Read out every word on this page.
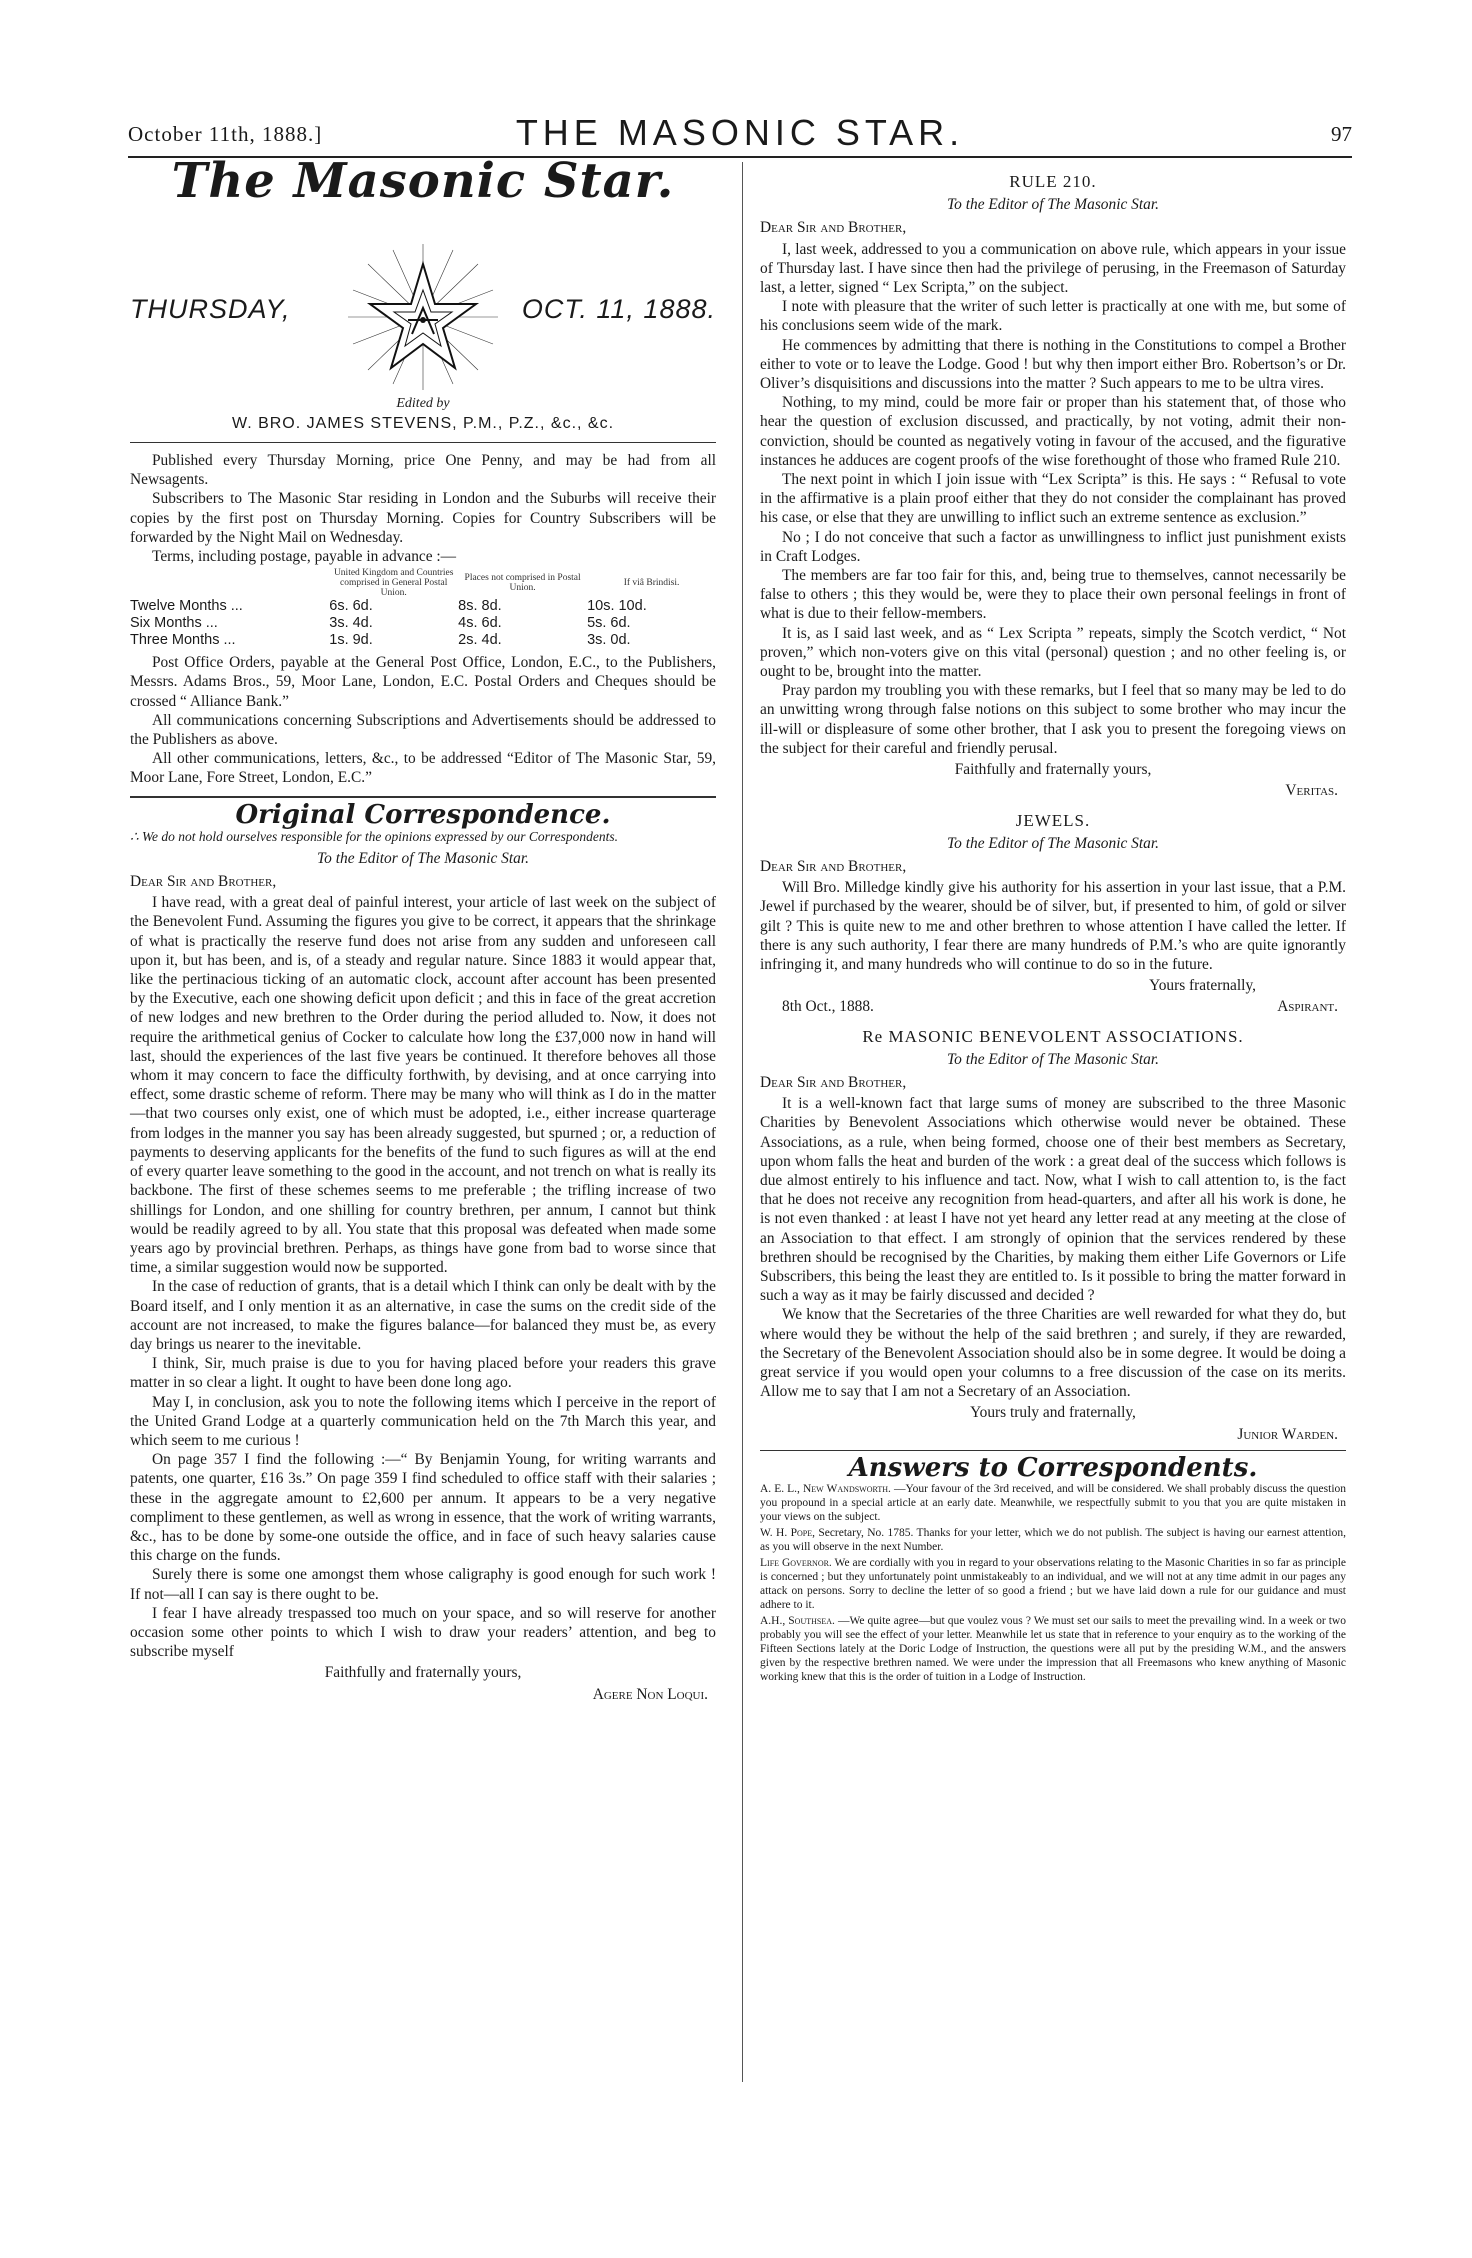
October 11th, 1888.]	THE MASONIC STAR.	97
The Masonic Star.
THURSDAY,	OCT. 11, 1888.
Edited by
W. BRO. JAMES STEVENS, P.M., P.Z., &c., &c.

Published every Thursday Morning, price One Penny, and may be had from all Newsagents.

Subscribers to The Masonic Star residing in London and the Suburbs will receive their copies by the first post on Thursday Morning. Copies for Country Subscribers will be forwarded by the Night Mail on Wednesday.

Terms, including postage, payable in advance :—

	United Kingdom and Countries comprised in General Postal Union.	Places not comprised in Postal Union.	If viâ Brindisi.
Twelve Months ...	6s. 6d.	8s. 8d.	10s. 10d.
Six Months ...	3s. 4d.	4s. 6d.	5s. 6d.
Three Months ...	1s. 9d.	2s. 4d.	3s. 0d.

Post Office Orders, payable at the General Post Office, London, E.C., to the Publishers, Messrs. Adams Bros., 59, Moor Lane, London, E.C. Postal Orders and Cheques should be crossed “ Alliance Bank.”

All communications concerning Subscriptions and Advertisements should be addressed to the Publishers as above.

All other communications, letters, &c., to be addressed “Editor of The Masonic Star, 59, Moor Lane, Fore Street, London, E.C.”

Original Correspondence.
∴ We do not hold ourselves responsible for the opinions expressed by our Correspondents.
To the Editor of The Masonic Star.
Dear Sir and Brother,

I have read, with a great deal of painful interest, your article of last week on the subject of the Benevolent Fund. Assuming the figures you give to be correct, it appears that the shrinkage of what is practically the reserve fund does not arise from any sudden and unforeseen call upon it, but has been, and is, of a steady and regular nature. Since 1883 it would appear that, like the pertinacious ticking of an automatic clock, account after account has been presented by the Executive, each one showing deficit upon deficit ; and this in face of the great accretion of new lodges and new brethren to the Order during the period alluded to. Now, it does not require the arithmetical genius of Cocker to calculate how long the £37,000 now in hand will last, should the experiences of the last five years be continued. It therefore behoves all those whom it may concern to face the difficulty forthwith, by devising, and at once carrying into effect, some drastic scheme of reform. There may be many who will think as I do in the matter—that two courses only exist, one of which must be adopted, i.e., either increase quarterage from lodges in the manner you say has been already suggested, but spurned ; or, a reduction of payments to deserving applicants for the benefits of the fund to such figures as will at the end of every quarter leave something to the good in the account, and not trench on what is really its backbone. The first of these schemes seems to me preferable ; the trifling increase of two shillings for London, and one shilling for country brethren, per annum, I cannot but think would be readily agreed to by all. You state that this proposal was defeated when made some years ago by provincial brethren. Perhaps, as things have gone from bad to worse since that time, a similar suggestion would now be supported.

In the case of reduction of grants, that is a detail which I think can only be dealt with by the Board itself, and I only mention it as an alternative, in case the sums on the credit side of the account are not increased, to make the figures balance—for balanced they must be, as every day brings us nearer to the inevitable.

I think, Sir, much praise is due to you for having placed before your readers this grave matter in so clear a light. It ought to have been done long ago.

May I, in conclusion, ask you to note the following items which I perceive in the report of the United Grand Lodge at a quarterly communication held on the 7th March this year, and which seem to me curious !

On page 357 I find the following :—“ By Benjamin Young, for writing warrants and patents, one quarter, £16 3s.” On page 359 I find scheduled to office staff with their salaries ; these in the aggregate amount to £2,600 per annum. It appears to be a very negative compliment to these gentlemen, as well as wrong in essence, that the work of writing warrants, &c., has to be done by some-one outside the office, and in face of such heavy salaries cause this charge on the funds.

Surely there is some one amongst them whose caligraphy is good enough for such work ! If not—all I can say is there ought to be.

I fear I have already trespassed too much on your space, and so will reserve for another occasion some other points to which I wish to draw your readers’ attention, and beg to subscribe myself

Faithfully and fraternally yours,
Agere Non Loqui.
RULE 210.
To the Editor of The Masonic Star.
Dear Sir and Brother,

I, last week, addressed to you a communication on above rule, which appears in your issue of Thursday last. I have since then had the privilege of perusing, in the Freemason of Saturday last, a letter, signed “ Lex Scripta,” on the subject.

I note with pleasure that the writer of such letter is practically at one with me, but some of his conclusions seem wide of the mark.

He commences by admitting that there is nothing in the Constitutions to compel a Brother either to vote or to leave the Lodge. Good ! but why then import either Bro. Robertson’s or Dr. Oliver’s disquisitions and discussions into the matter ? Such appears to me to be ultra vires.

Nothing, to my mind, could be more fair or proper than his statement that, of those who hear the question of exclusion discussed, and practically, by not voting, admit their non-conviction, should be counted as negatively voting in favour of the accused, and the figurative instances he adduces are cogent proofs of the wise forethought of those who framed Rule 210.

The next point in which I join issue with “Lex Scripta” is this. He says : “ Refusal to vote in the affirmative is a plain proof either that they do not consider the complainant has proved his case, or else that they are unwilling to inflict such an extreme sentence as exclusion.”

No ; I do not conceive that such a factor as unwillingness to inflict just punishment exists in Craft Lodges.

The members are far too fair for this, and, being true to themselves, cannot necessarily be false to others ; this they would be, were they to place their own personal feelings in front of what is due to their fellow-members.

It is, as I said last week, and as “ Lex Scripta ” repeats, simply the Scotch verdict, “ Not proven,” which non-voters give on this vital (personal) question ; and no other feeling is, or ought to be, brought into the matter.

Pray pardon my troubling you with these remarks, but I feel that so many may be led to do an unwitting wrong through false notions on this subject to some brother who may incur the ill-will or displeasure of some other brother, that I ask you to present the foregoing views on the subject for their careful and friendly perusal.

Faithfully and fraternally yours,
Veritas.
JEWELS.
To the Editor of The Masonic Star.
Dear Sir and Brother,

Will Bro. Milledge kindly give his authority for his assertion in your last issue, that a P.M. Jewel if purchased by the wearer, should be of silver, but, if presented to him, of gold or silver gilt ? This is quite new to me and other brethren to whose attention I have called the letter. If there is any such authority, I fear there are many hundreds of P.M.’s who are quite ignorantly infringing it, and many hundreds who will continue to do so in the future.

Yours fraternally,
8th Oct., 1888.	Aspirant.
Re MASONIC BENEVOLENT ASSOCIATIONS.
To the Editor of The Masonic Star.
Dear Sir and Brother,

It is a well-known fact that large sums of money are subscribed to the three Masonic Charities by Benevolent Associations which otherwise would never be obtained. These Associations, as a rule, when being formed, choose one of their best members as Secretary, upon whom falls the heat and burden of the work : a great deal of the success which follows is due almost entirely to his influence and tact. Now, what I wish to call attention to, is the fact that he does not receive any recognition from head-quarters, and after all his work is done, he is not even thanked : at least I have not yet heard any letter read at any meeting at the close of an Association to that effect. I am strongly of opinion that the services rendered by these brethren should be recognised by the Charities, by making them either Life Governors or Life Subscribers, this being the least they are entitled to. Is it possible to bring the matter forward in such a way as it may be fairly discussed and decided ?

We know that the Secretaries of the three Charities are well rewarded for what they do, but where would they be without the help of the said brethren ; and surely, if they are rewarded, the Secretary of the Benevolent Association should also be in some degree. It would be doing a great service if you would open your columns to a free discussion of the case on its merits. Allow me to say that I am not a Secretary of an Association.

Yours truly and fraternally,
Junior Warden.
Answers to Correspondents.

A. E. L., New Wandsworth. —Your favour of the 3rd received, and will be considered. We shall probably discuss the question you propound in a special article at an early date. Meanwhile, we respectfully submit to you that you are quite mistaken in your views on the subject.

W. H. Pope, Secretary, No. 1785. Thanks for your letter, which we do not publish. The subject is having our earnest attention, as you will observe in the next Number.

Life Governor. We are cordially with you in regard to your observations relating to the Masonic Charities in so far as principle is concerned ; but they unfortunately point unmistakeably to an individual, and we will not at any time admit in our pages any attack on persons. Sorry to decline the letter of so good a friend ; but we have laid down a rule for our guidance and must adhere to it.

A.H., Southsea. —We quite agree—but que voulez vous ? We must set our sails to meet the prevailing wind. In a week or two probably you will see the effect of your letter. Meanwhile let us state that in reference to your enquiry as to the working of the Fifteen Sections lately at the Doric Lodge of Instruction, the questions were all put by the presiding W.M., and the answers given by the respective brethren named. We were under the impression that all Freemasons who knew anything of Masonic working knew that this is the order of tuition in a Lodge of Instruction.
